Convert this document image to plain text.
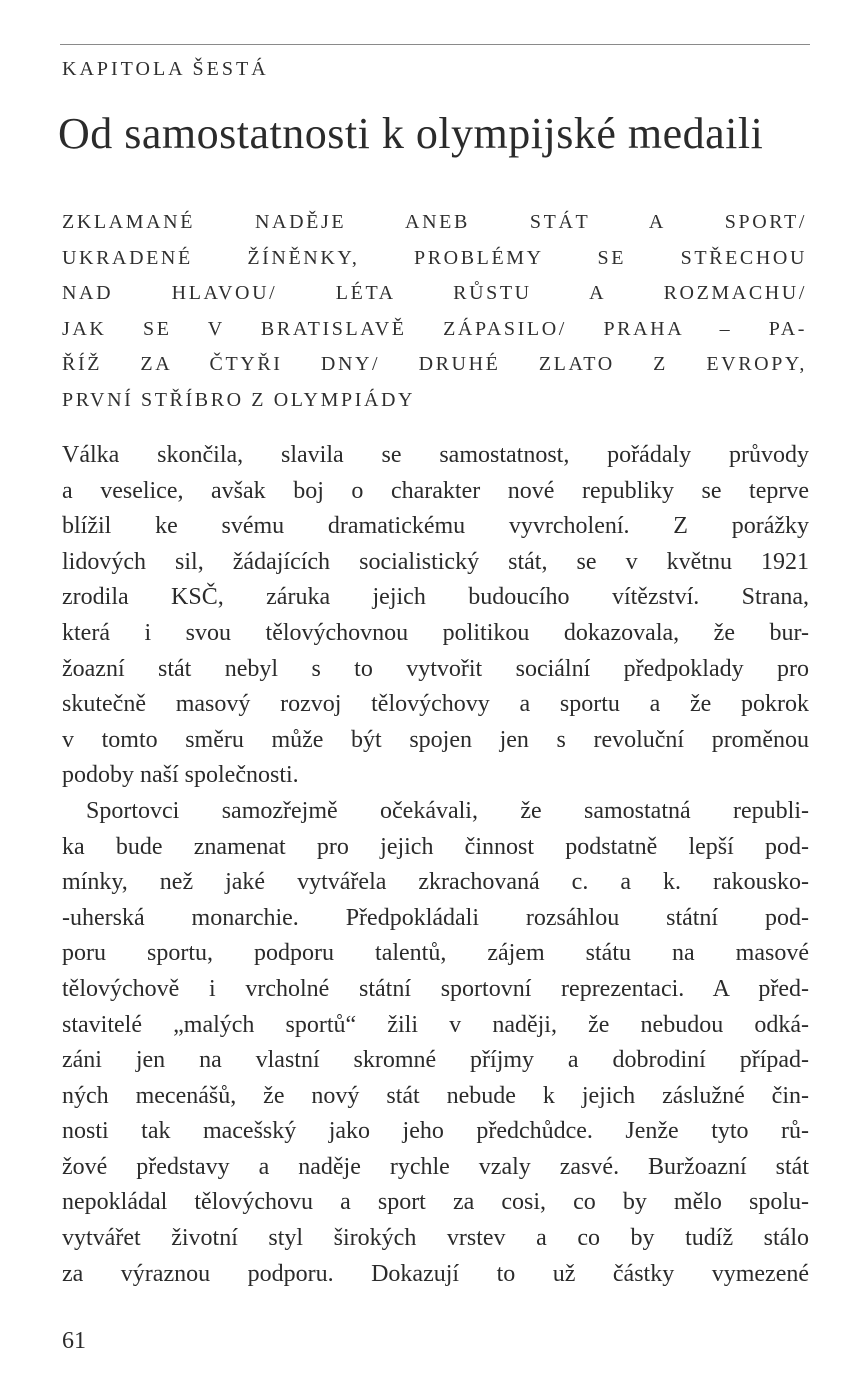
KAPITOLA ŠESTÁ
Od samostatnosti k olympijské medaili
ZKLAMANÉ NADĚJE ANEB STÁT A SPORT/
UKRADENÉ ŽÍNĚNKY, PROBLÉMY SE STŘECHOU
NAD HLAVOU/ LÉTA RŮSTU A ROZMACHU/
JAK SE V BRATISLAVĚ ZÁPASILO/ PRAHA – PA-
ŘÍŽ ZA ČTYŘI DNY/ DRUHÉ ZLATO Z EVROPY,
PRVNÍ STŘÍBRO Z OLYMPIÁDY
Válka skončila, slavila se samostatnost, pořádaly průvody
a veselice, avšak boj o charakter nové republiky se teprve
blížil ke svému dramatickému vyvrcholení. Z porážky
lidových sil, žádajících socialistický stát, se v květnu 1921
zrodila KSČ, záruka jejich budoucího vítězství. Strana,
která i svou tělovýchovnou politikou dokazovala, že bur-
žoazní stát nebyl s to vytvořit sociální předpoklady pro
skutečně masový rozvoj tělovýchovy a sportu a že pokrok
v tomto směru může být spojen jen s revoluční proměnou
podoby naší společnosti.
Sportovci samozřejmě očekávali, že samostatná republi-
ka bude znamenat pro jejich činnost podstatně lepší pod-
mínky, než jaké vytvářela zkrachovaná c. a k. rakousko-
-uherská monarchie. Předpokládali rozsáhlou státní pod-
poru sportu, podporu talentů, zájem státu na masové
tělovýchově i vrcholné státní sportovní reprezentaci. A před-
stavitelé „malých sportů“ žili v naději, že nebudou odká-
záni jen na vlastní skromné příjmy a dobrodiní případ-
ných mecenášů, že nový stát nebude k jejich záslužné čin-
nosti tak macešský jako jeho předchůdce. Jenže tyto rů-
žové představy a naděje rychle vzaly zasvé. Buržoazní stát
nepokládal tělovýchovu a sport za cosi, co by mělo spolu-
vytvářet životní styl širokých vrstev a co by tudíž stálo
za výraznou podporu. Dokazují to už částky vymezené
61
